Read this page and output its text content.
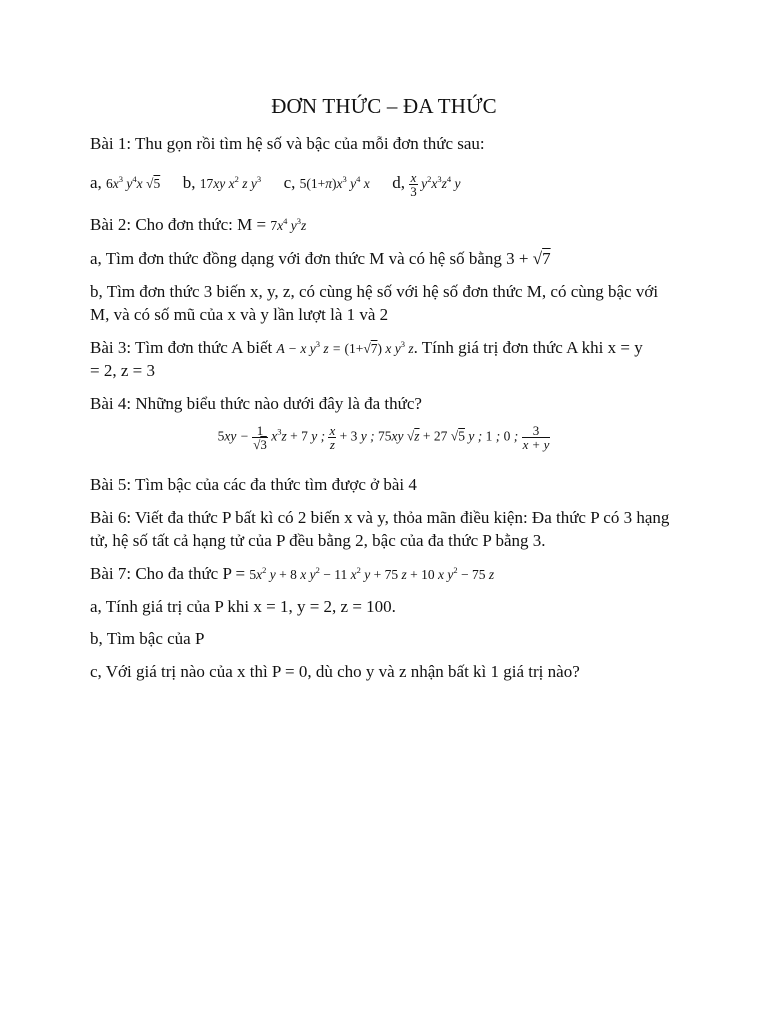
ĐƠN THỨC – ĐA THỨC
Bài 1: Thu gọn rồi tìm hệ số và bậc của mỗi đơn thức sau:
a, $6x^3$ $y^4x$ √5 b, 17xy $x^2$ z $y^3$ c, $5(1+\pi)x^3$ $y^4$ x d, $\frac{x}{3} y^2x^3z^4$ y
Bài 2: Cho đơn thức: $M = 7x^4$ $y^3z$
a, Tìm đơn thức đồng dạng với đơn thức M và có hệ số bằng 3 + √7
b, Tìm đơn thức 3 biến x, y, z, có cùng hệ số với hệ số đơn thức M, có cùng bậc với M, và có số mũ của x và y lần lượt là 1 và 2
Bài 3: Tìm đơn thức A biết A − x $y^3$ z = (1+√7) x $y^3$ z. Tính giá trị đơn thức A khi x = y
= 2, z = 3
Bài 4: Những biểu thức nào dưới đây là đa thức?
$5xy - \frac{1}{√3} x^3z + 7$ y ; $\frac{x}{z} + 3$ y ; 75xy √z + 27 √5 y ; 1 ; 0 ; $\frac{3}{x + y}$
Bài 5: Tìm bậc của các đa thức tìm được ở bài 4
Bài 6: Viết đa thức P bất kì có 2 biến x và y, thỏa mãn điều kiện: Đa thức P có 3 hạng tử, hệ số tất cả hạng tử của P đều bằng 2, bậc của đa thức P bằng 3.
Bài 7: Cho đa thức $P = 5x^2$ y + 8 x $y^2 - 11$ $x^2$ y + 75 z + 10 x $y^2 - 75$ z
a, Tính giá trị của P khi x = 1, y = 2, z = 100.
b, Tìm bậc của P
c, Với giá trị nào của x thì P = 0, dù cho y và z nhận bất kì 1 giá trị nào?
